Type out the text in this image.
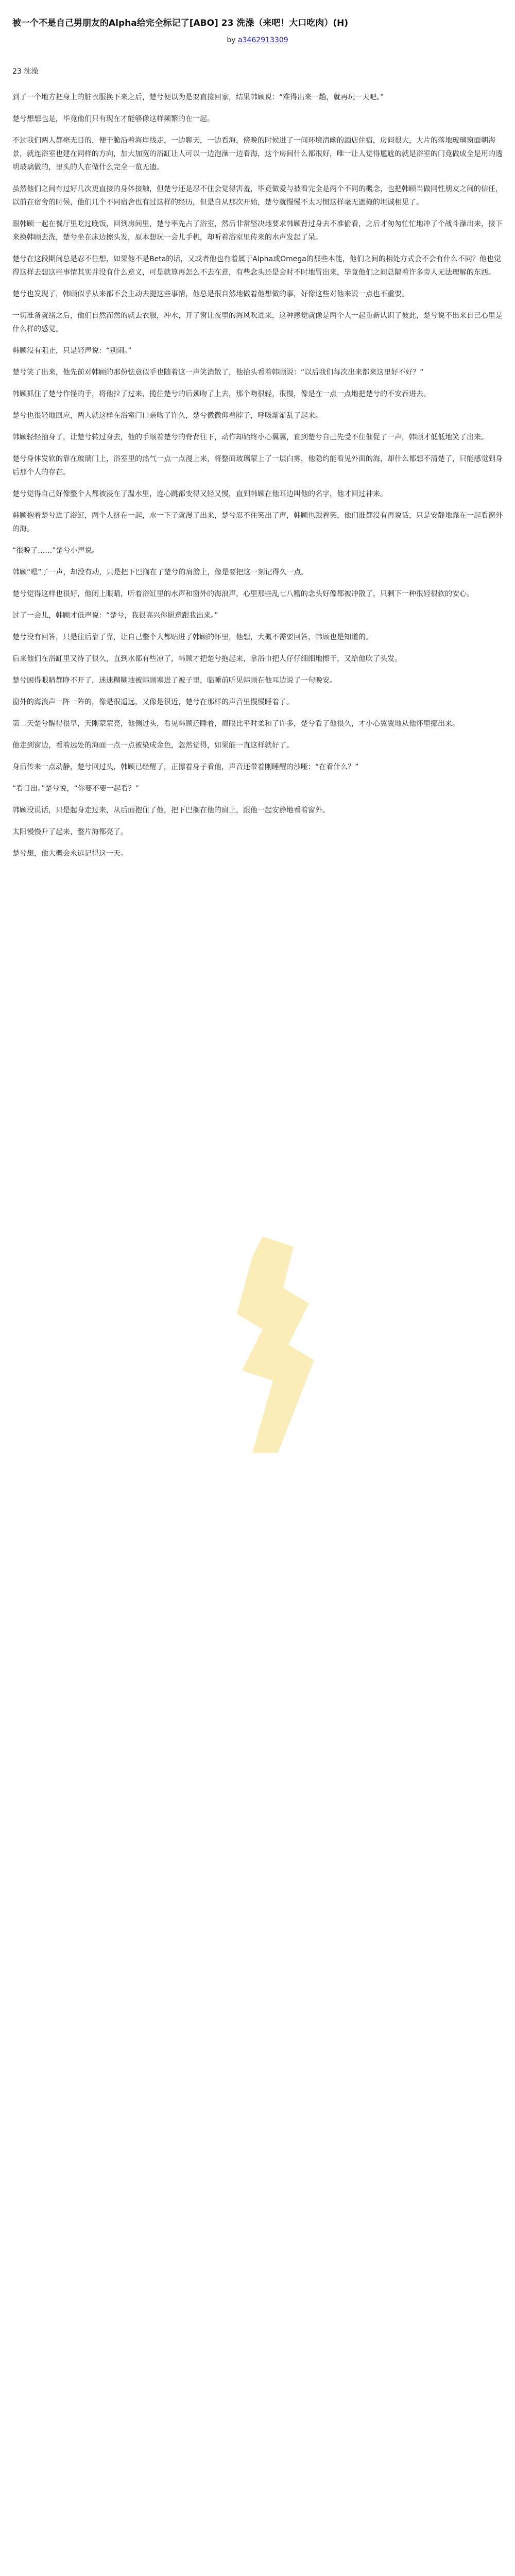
被一个不是自己男朋友的Alpha给完全标记了[ABO] 23 洗澡（来吧！大口吃肉）(H)
by a3462913309
23 洗澡

到了一个地方把身上的脏衣服换下来之后，楚兮便以为是要直接回家，结果韩顾说：“难得出来一趟，就再玩一天吧。”

楚兮想想也是，毕竟他们只有现在才能够像这样频繁的在一起。

不过我们两人都毫无目的，便干脆沿着海岸线走，一边聊天，一边看海，傍晚的时候进了一间环境清幽的酒店住宿，房间很大，大片的落地玻璃窗面朝海景，就连浴室也建在同样的方向，加大加宽的浴缸让人可以一边泡澡一边看海，这个房间什么都很好，唯一让人觉得尴尬的就是浴室的门竟做成全是用的透明玻璃做的，里头的人在做什么完全一览无遗。

虽然他们之间有过好几次更直接的身体接触，但楚兮还是忍不住会觉得害羞，毕竟做爱与被看完全是两个不同的概念，也把韩顾当做同性朋友之间的信任，以前在宿舍的时候，他们几个不同宿舍也有过这样的经历，但是自从那次开始，楚兮就慢慢不太习惯这样毫无遮掩的坦诚相见了。

跟韩顾一起在餐厅里吃过晚饭，回到房间里，楚兮率先占了浴室，然后非常坚决地要求韩顾背过身去不准偷看，之后才匆匆忙忙地冲了个战斗澡出来，接下来换韩顾去洗，楚兮坐在床边擦头发，原本想玩一会儿手机，却听着浴室里传来的水声发起了呆。

楚兮在这段期间总是忍不住想，如果他不是Beta的话，又或者他也有着属于Alpha或Omega的那些本能，他们之间的相处方式会不会有什么不同？他也觉得这样去想这些事情其实并没有什么意义，可是就算再怎么不去在意，有些念头还是会时不时地冒出来，毕竟他们之间总隔着许多旁人无法理解的东西。

楚兮也发现了，韩顾似乎从来都不会主动去提这些事情，他总是很自然地做着他想做的事，好像这些对他来说一点也不重要。

一切准备就绪之后，他们自然而然的就去衣服，冲水，开了窗让夜里的海风吹进来，这种感觉就像是两个人一起重新认识了彼此，楚兮说不出来自己心里是什么样的感觉。

韩顾没有阻止，只是轻声说：“别闹。”

楚兮笑了出来，他先前对韩顾的那份怯意似乎也随着这一声笑消散了，他抬头看着韩顾说：“以后我们每次出来都来这里好不好？”

韩顾抓住了楚兮作怪的手，将他拉了过来，揽住楚兮的后颈吻了上去，那个吻很轻，很慢，像是在一点一点地把楚兮的不安吞进去。

楚兮也很轻地回应，两人就这样在浴室门口亲吻了许久，楚兮微微仰着脖子，呼吸渐渐乱了起来。

韩顾轻轻抽身了，让楚兮转过身去，他的手顺着楚兮的脊背往下，动作却始终小心翼翼，直到楚兮自己先受不住催促了一声，韩顾才低低地笑了出来。

楚兮身体发软的靠在玻璃门上，浴室里的热气一点一点漫上来，将整面玻璃蒙上了一层白雾，他隐约能看见外面的海，却什么都想不清楚了，只能感觉到身后那个人的存在。

楚兮觉得自己好像整个人都被浸在了温水里，连心跳都变得又轻又慢，直到韩顾在他耳边叫他的名字，他才回过神来。

韩顾抱着楚兮进了浴缸，两个人挤在一起，水一下子就漫了出来，楚兮忍不住笑出了声，韩顾也跟着笑，他们谁都没有再说话，只是安静地靠在一起看窗外的海。

“很晚了……”楚兮小声说。

韩顾“嗯”了一声，却没有动，只是把下巴搁在了楚兮的肩膀上，像是要把这一刻记得久一点。

楚兮觉得这样也很好，他闭上眼睛，听着浴缸里的水声和窗外的海浪声，心里那些乱七八糟的念头好像都被冲散了，只剩下一种很轻很软的安心。

过了一会儿，韩顾才低声说：“楚兮，我很高兴你愿意跟我出来。”

楚兮没有回答，只是往后靠了靠，让自己整个人都贴进了韩顾的怀里，他想，大概不需要回答，韩顾也是知道的。

后来他们在浴缸里又待了很久，直到水都有些凉了，韩顾才把楚兮抱起来，拿浴巾把人仔仔细细地擦干，又给他吹了头发。

楚兮困得眼睛都睁不开了，迷迷糊糊地被韩顾塞进了被子里，临睡前听见韩顾在他耳边说了一句晚安。

窗外的海浪声一阵一阵的，像是很遥远，又像是很近，楚兮在那样的声音里慢慢睡着了。

第二天楚兮醒得很早，天刚蒙蒙亮，他侧过头，看见韩顾还睡着，眉眼比平时柔和了许多，楚兮看了他很久，才小心翼翼地从他怀里挪出来。

他走到窗边，看着远处的海面一点一点被染成金色，忽然觉得，如果能一直这样就好了。

身后传来一点动静，楚兮回过头，韩顾已经醒了，正撑着身子看他，声音还带着刚睡醒的沙哑：“在看什么？”

“看日出。”楚兮说，“你要不要一起看？”

韩顾没说话，只是起身走过来，从后面抱住了他，把下巴搁在他的肩上，跟他一起安静地看着窗外。

太阳慢慢升了起来，整片海都亮了。

楚兮想，他大概会永远记得这一天。
